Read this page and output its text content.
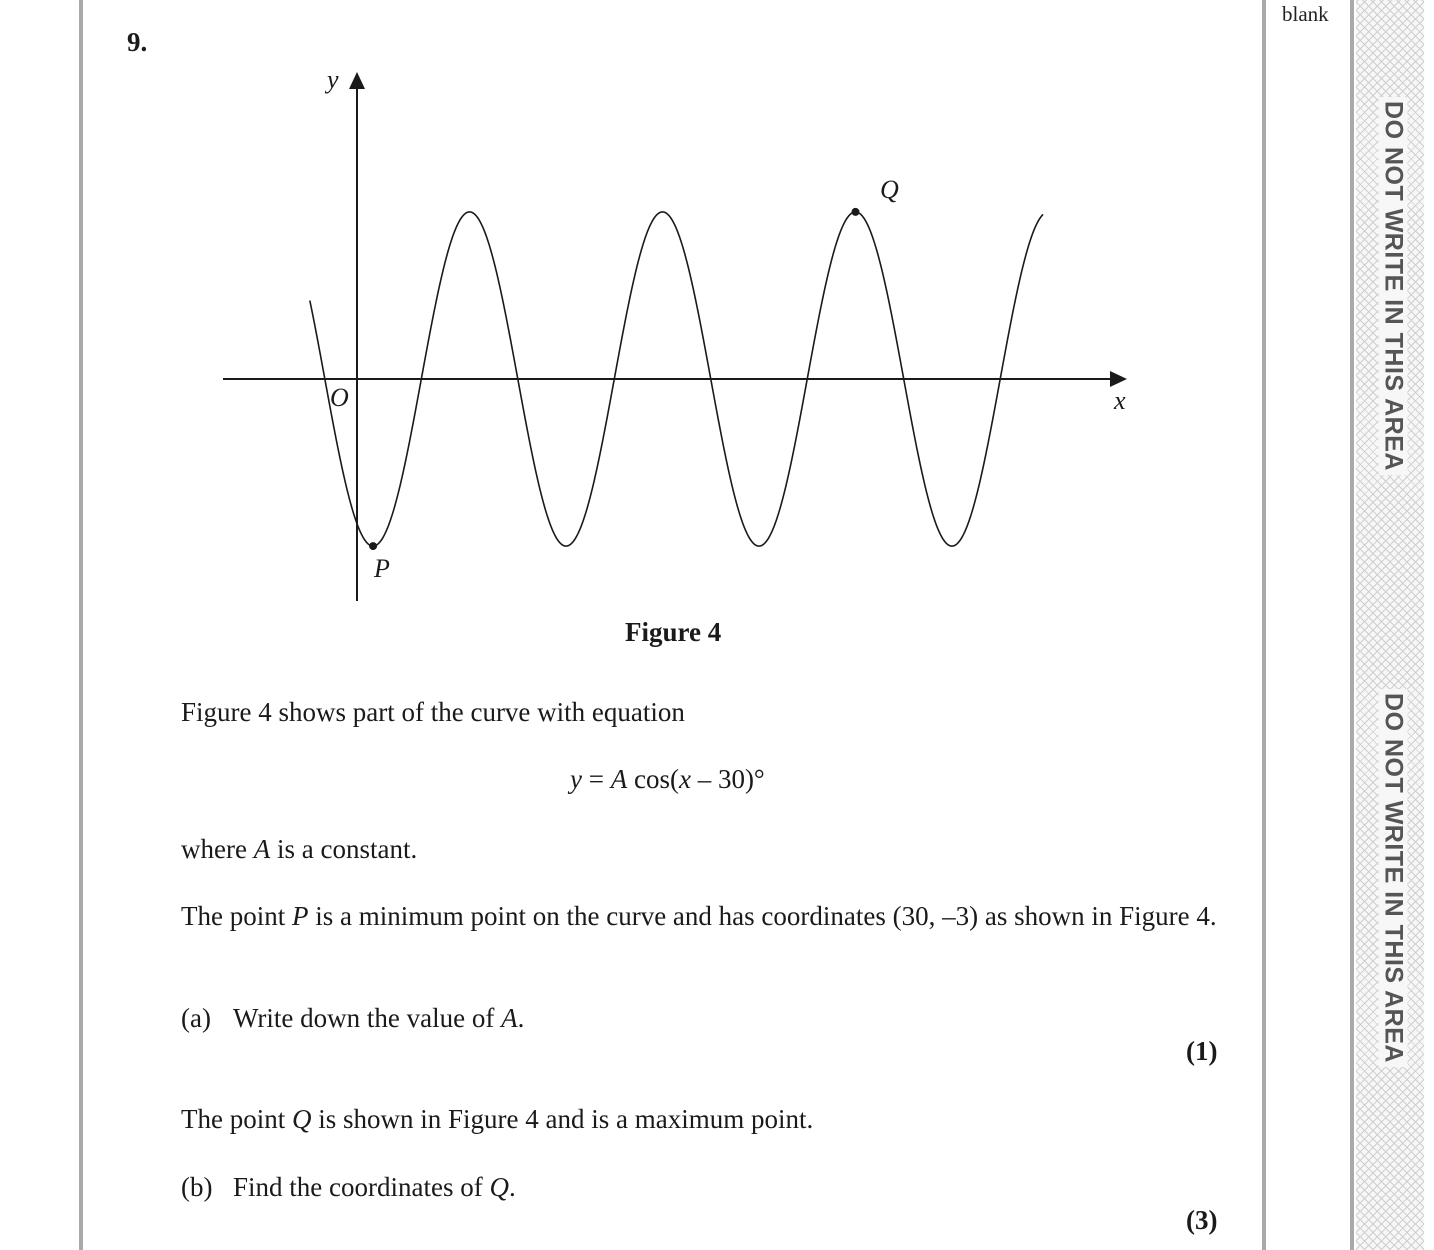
DO NOT WRITE IN THIS AREA
DO NOT WRITE IN THIS AREA
blank
9.
y
x
O
P
Q
Figure 4
Figure 4 shows part of the curve with equation
y = A cos(x – 30)°
where A is a constant.
The point P is a minimum point on the curve and has coordinates (30, –3) as shown in Figure 4.
(a) Write down the value of A.
(1)
The point Q is shown in Figure 4 and is a maximum point.
(b) Find the coordinates of Q.
(3)
